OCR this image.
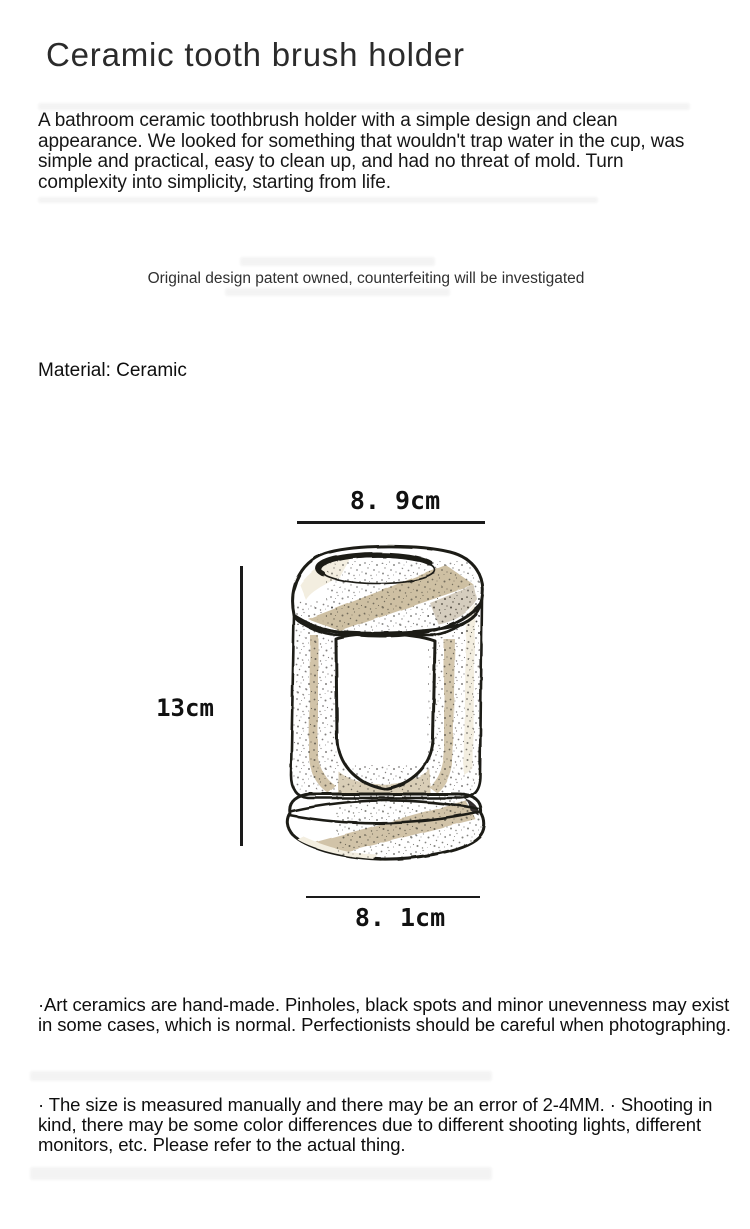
Ceramic tooth brush holder
A bathroom ceramic toothbrush holder with a simple design and clean appearance. We looked for something that wouldn't trap water in the cup, was simple and practical, easy to clean up, and had no threat of mold. Turn complexity into simplicity, starting from life.
Original design patent owned, counterfeiting will be investigated
Material: Ceramic
8. 9cm
13cm
8. 1cm
·Art ceramics are hand-made. Pinholes, black spots and minor unevenness may exist in some cases, which is normal. Perfectionists should be careful when photographing.
· The size is measured manually and there may be an error of 2-4MM. · Shooting in kind, there may be some color differences due to different shooting lights, different monitors, etc. Please refer to the actual thing.
